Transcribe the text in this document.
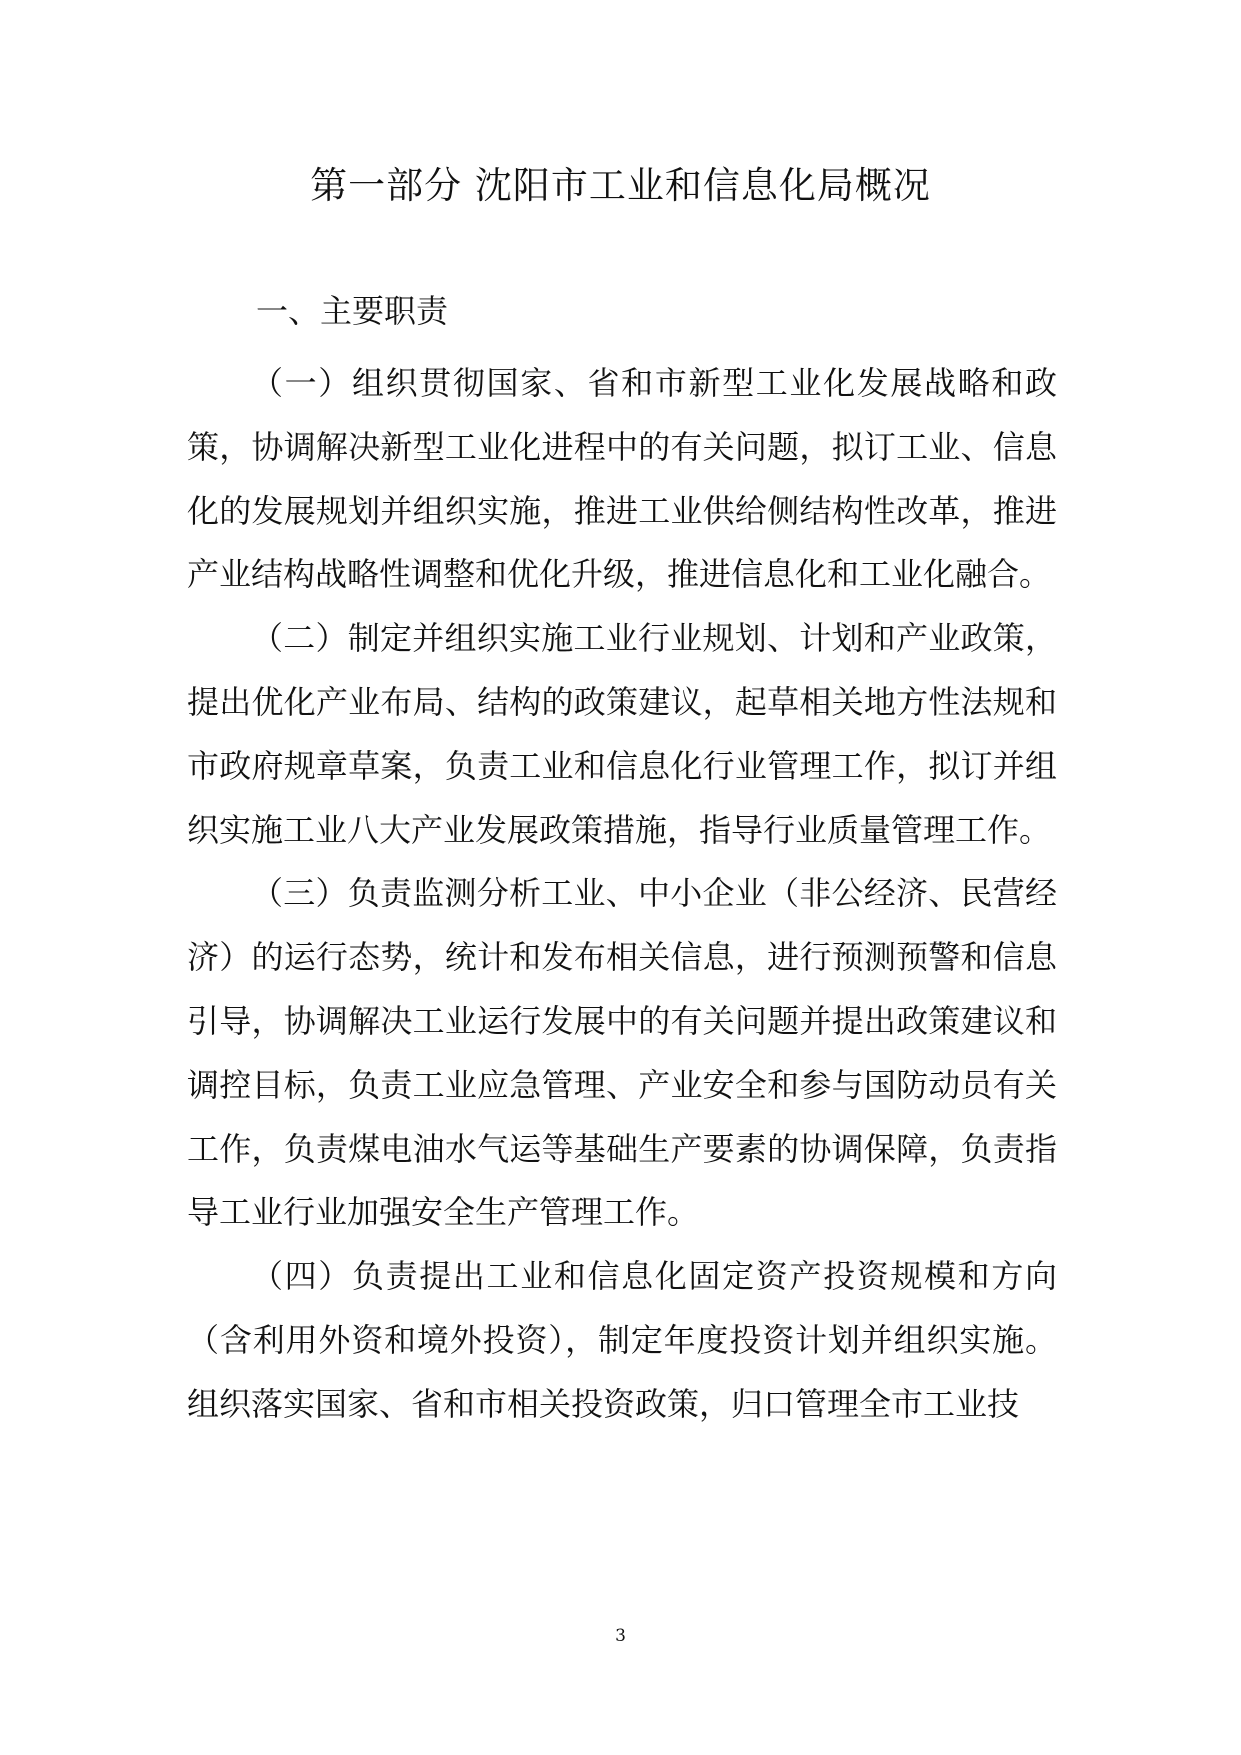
第一部分 沈阳市工业和信息化局概况
一、主要职责

（一）组织贯彻国家、省和市新型工业化发展战略和政策，协调解决新型工业化进程中的有关问题，拟订工业、信息化的发展规划并组织实施，推进工业供给侧结构性改革，推进产业结构战略性调整和优化升级，推进信息化和工业化融合。

（二）制定并组织实施工业行业规划、计划和产业政策，提出优化产业布局、结构的政策建议，起草相关地方性法规和市政府规章草案，负责工业和信息化行业管理工作，拟订并组织实施工业八大产业发展政策措施，指导行业质量管理工作。

（三）负责监测分析工业、中小企业（非公经济、民营经济）的运行态势，统计和发布相关信息，进行预测预警和信息引导，协调解决工业运行发展中的有关问题并提出政策建议和调控目标，负责工业应急管理、产业安全和参与国防动员有关工作，负责煤电油水气运等基础生产要素的协调保障，负责指导工业行业加强安全生产管理工作。

（四）负责提出工业和信息化固定资产投资规模和方向（含利用外资和境外投资），制定年度投资计划并组织实施。组织落实国家、省和市相关投资政策，归口管理全市工业技

3
